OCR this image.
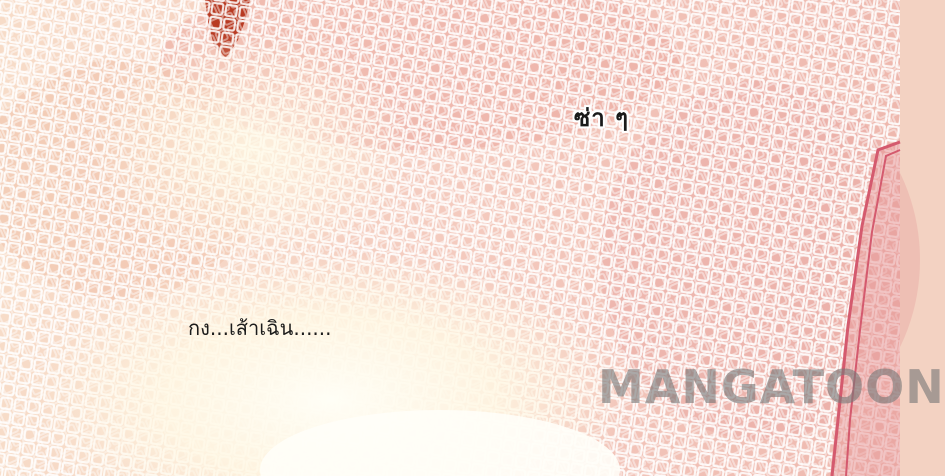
ซ่า ๆ
กง...เส้าเฉิน......
MANGATOON
